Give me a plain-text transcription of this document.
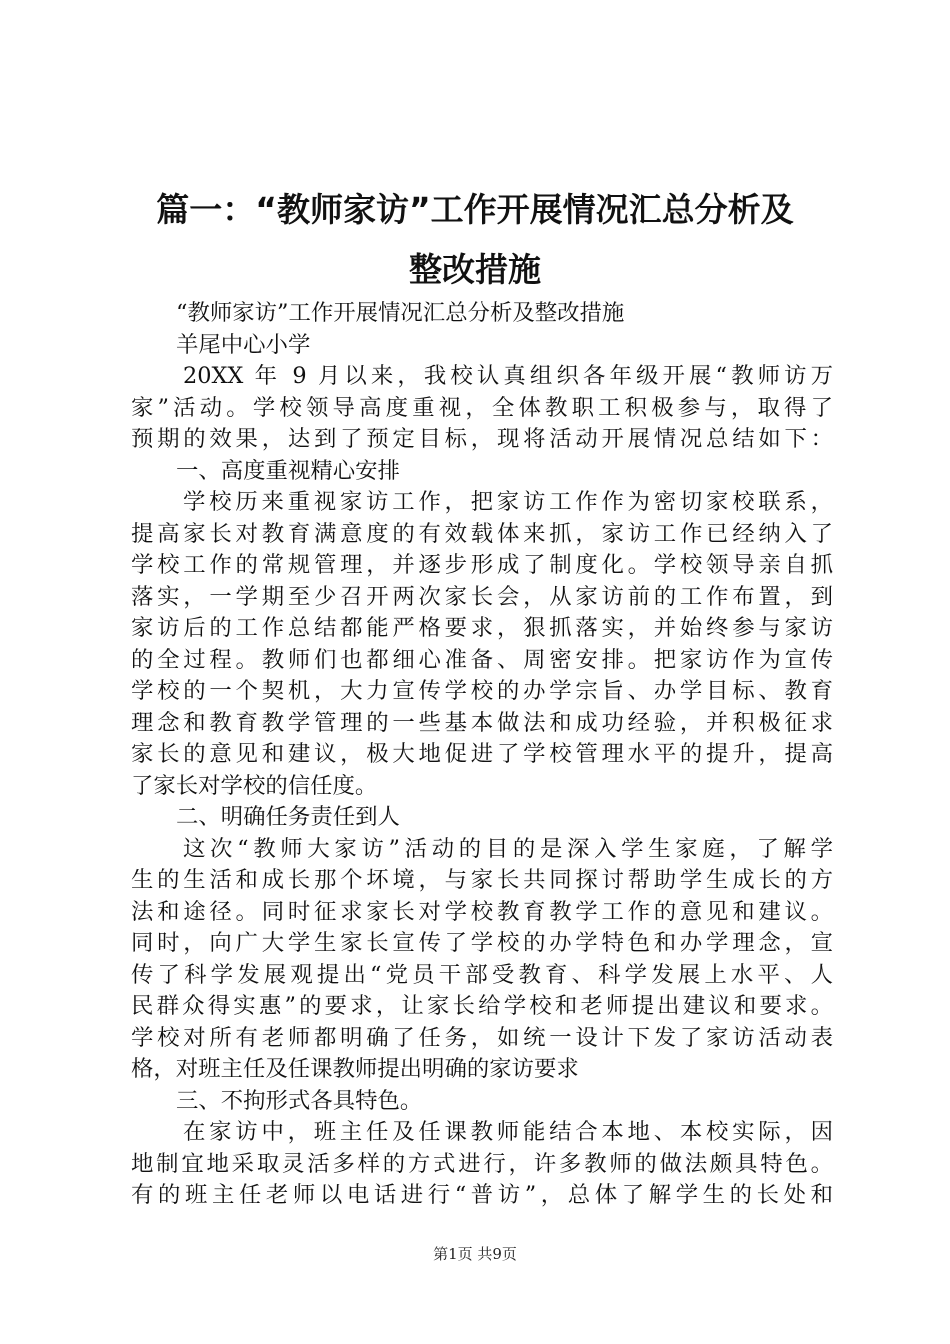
篇一：“教师家访”工作开展情况汇总分析及
整改措施
“教师家访”工作开展情况汇总分析及整改措施
羊尾中心小学
20XX 年 9 月以来，我校认真组织各年级开展“教师访万
家”活动。学校领导高度重视，全体教职工积极参与，取得了
预期的效果，达到了预定目标，现将活动开展情况总结如下：
一、高度重视精心安排
学校历来重视家访工作，把家访工作作为密切家校联系，
提高家长对教育满意度的有效载体来抓，家访工作已经纳入了
学校工作的常规管理，并逐步形成了制度化。学校领导亲自抓
落实，一学期至少召开两次家长会，从家访前的工作布置，到
家访后的工作总结都能严格要求，狠抓落实，并始终参与家访
的全过程。教师们也都细心准备、周密安排。把家访作为宣传
学校的一个契机，大力宣传学校的办学宗旨、办学目标、教育
理念和教育教学管理的一些基本做法和成功经验，并积极征求
家长的意见和建议，极大地促进了学校管理水平的提升，提高
了家长对学校的信任度。
二、明确任务责任到人
这次“教师大家访”活动的目的是深入学生家庭，了解学
生的生活和成长那个坏境，与家长共同探讨帮助学生成长的方
法和途径。同时征求家长对学校教育教学工作的意见和建议。
同时，向广大学生家长宣传了学校的办学特色和办学理念，宣
传了科学发展观提出“党员干部受教育、科学发展上水平、人
民群众得实惠”的要求，让家长给学校和老师提出建议和要求。
学校对所有老师都明确了任务，如统一设计下发了家访活动表
格，对班主任及任课教师提出明确的家访要求
三、不拘形式各具特色。
在家访中，班主任及任课教师能结合本地、本校实际，因
地制宜地采取灵活多样的方式进行，许多教师的做法颇具特色。
有的班主任老师以电话进行“普访”，总体了解学生的长处和
第1页 共9页
